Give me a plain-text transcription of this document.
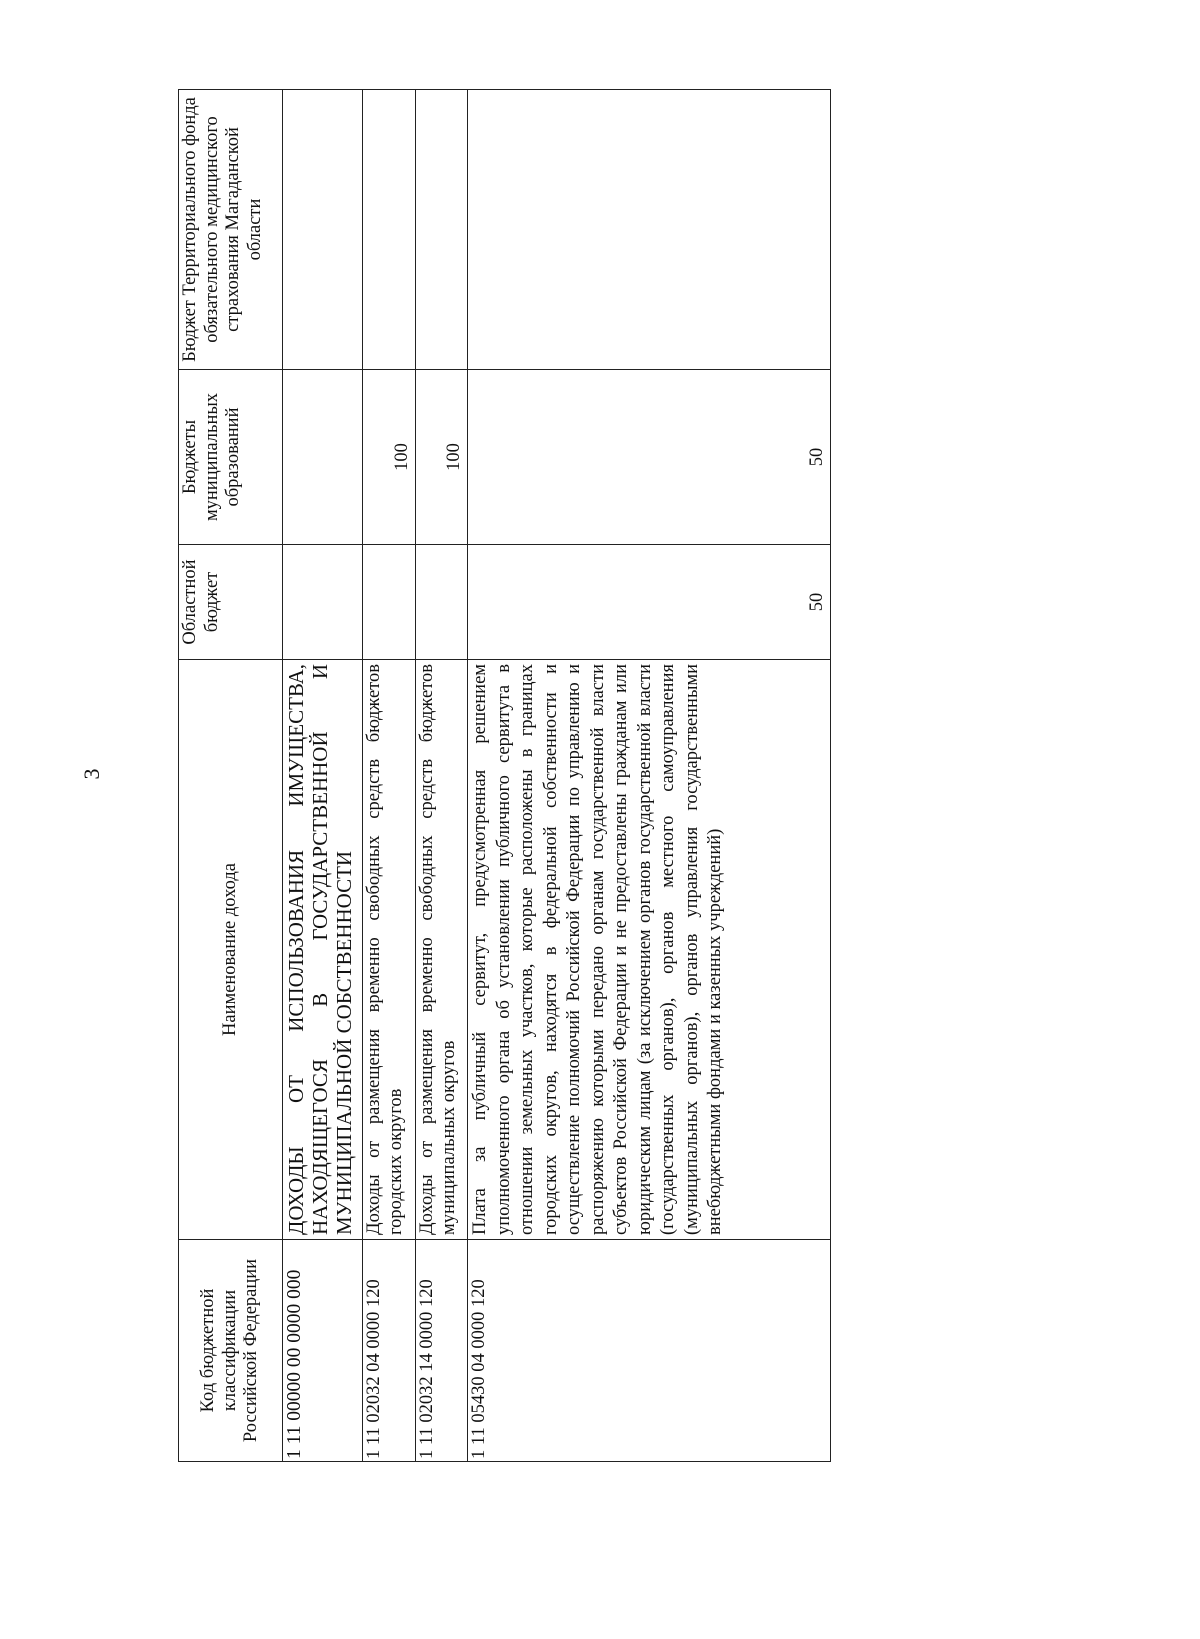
3
Код бюджетной классификации Российской Федерации	Наименование дохода	Областной бюджет	Бюджеты муниципальных образований	Бюджет Территориального фонда обязательного медицинского страхования Магаданской области
1 11 00000 00 0000 000	ДОХОДЫ ОТ ИСПОЛЬЗОВАНИЯ ИМУЩЕСТВА, НАХОДЯЩЕГОСЯ В ГОСУДАРСТВЕННОЙ И МУНИЦИПАЛЬНОЙ СОБСТВЕННОСТИ			
1 11 02032 04 0000 120	Доходы от размещения временно свободных средств бюджетов городских округов		100	
1 11 02032 14 0000 120	Доходы от размещения временно свободных средств бюджетов муниципальных округов		100	
1 11 05430 04 0000 120	Плата за публичный сервитут, предусмотренная решением уполномоченного органа об установлении публичного сервитута в отношении земельных участков, которые расположены в границах городских округов, находятся в федеральной собственности и осуществление полномочий Российской Федерации по управлению и распоряжению которыми передано органам государственной власти субъектов Российской Федерации и не предоставлены гражданам или юридическим лицам (за исключением органов государственной власти (государственных органов), органов местного самоуправления (муниципальных органов), органов управления государственными внебюджетными фондами и казенных учреждений)	50	50	
